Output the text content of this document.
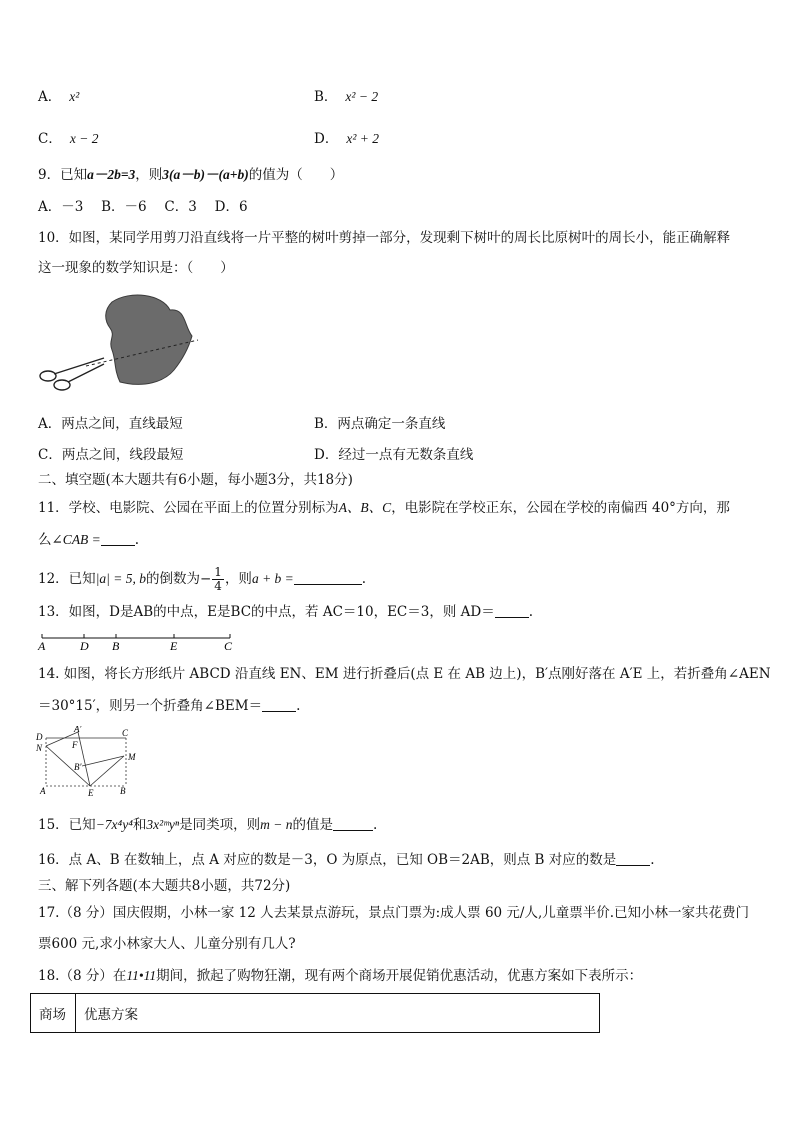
A． x²	B． x² − 2
C． x − 2	D． x² + 2
9．已知a－2b=3，则3(a－b)－(a+b)的值为（　　）
A．－3　 B．－6　 C．3　 D．6
10．如图，某同学用剪刀沿直线将一片平整的树叶剪掉一部分，发现剩下树叶的周长比原树叶的周长小，能正确解释
这一现象的数学知识是：（　　）
A．两点之间，直线最短	B．两点确定一条直线
C．两点之间，线段最短	D．经过一点有无数条直线
二、填空题(本大题共有6小题，每小题3分，共18分)
11．学校、电影院、公园在平面上的位置分别标为A、B、C，电影院在学校正东，公园在学校的南偏西 40°方向，那
么∠CAB =	.
12．已知|a| = 5, b的倒数为− $\frac{1}{4}$ ，则a + b =	.
13．如图，D是AB的中点，E是BC的中点，若 AC＝10，EC＝3，则 AD＝	.
A	D B	E	C
14. 如图，将长方形纸片 ABCD 沿直线 EN、EM 进行折叠后(点 E 在 AB 边上)，B′点刚好落在 A′E 上，若折叠角∠AEN
＝30°15′，则另一个折叠角∠BEM＝	.
D
N
A′
F
C
B′
M
A	E	B
15．已知−7x⁴y⁴和3x²ᵐyⁿ是同类项，则m − n的值是	.
16．点 A、B 在数轴上，点 A 对应的数是－3，O 为原点，已知 OB＝2AB，则点 B 对应的数是	.
三、解下列各题(本大题共8小题，共72分)
17.（8 分）国庆假期，小林一家 12 人去某景点游玩，景点门票为:成人票 60 元/人,儿童票半价.已知小林一家共花费门
票600 元,求小林家大人、儿童分别有几人?
18.（8 分）在11•11期间，掀起了购物狂潮，现有两个商场开展促销优惠活动，优惠方案如下表所示：
商场	优惠方案
